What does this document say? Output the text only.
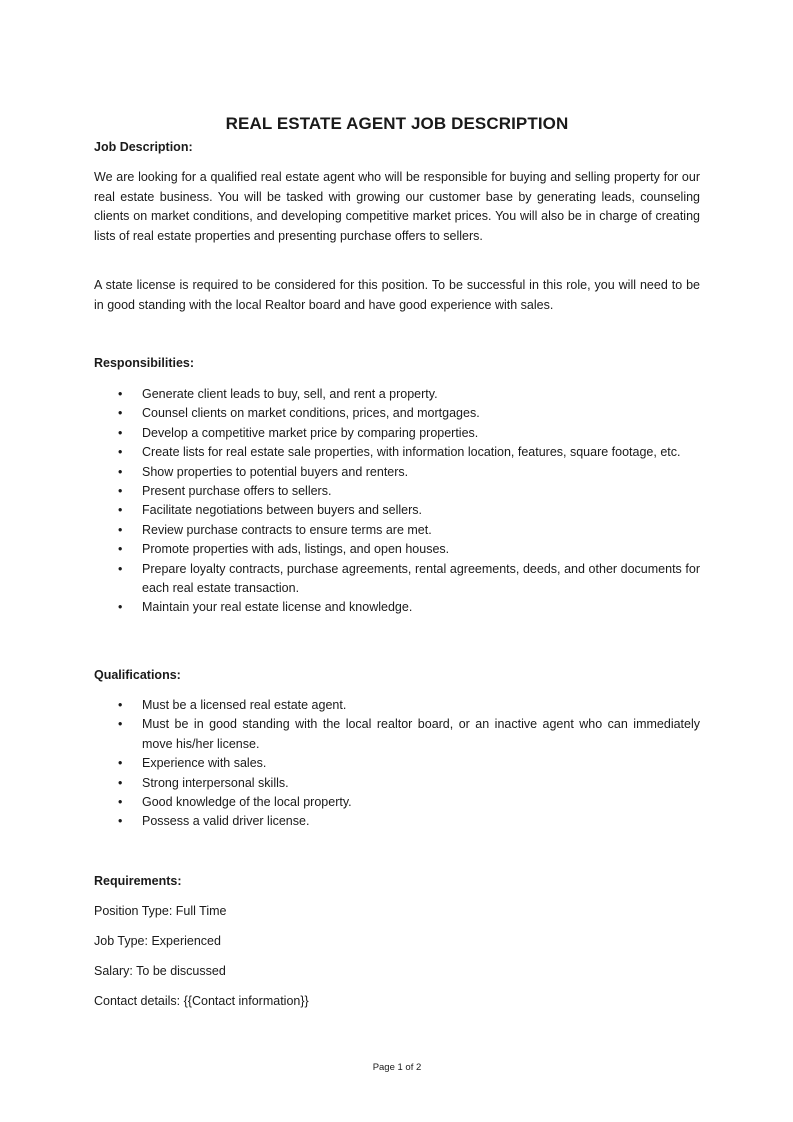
REAL ESTATE AGENT JOB DESCRIPTION
Job Description:
We are looking for a qualified real estate agent who will be responsible for buying and selling property for our real estate business. You will be tasked with growing our customer base by generating leads, counseling clients on market conditions, and developing competitive market prices. You will also be in charge of creating lists of real estate properties and presenting purchase offers to sellers.
A state license is required to be considered for this position. To be successful in this role, you will need to be in good standing with the local Realtor board and have good experience with sales.
Responsibilities:
• Generate client leads to buy, sell, and rent a property.
• Counsel clients on market conditions, prices, and mortgages.
• Develop a competitive market price by comparing properties.
• Create lists for real estate sale properties, with information location, features, square footage, etc.
• Show properties to potential buyers and renters.
• Present purchase offers to sellers.
• Facilitate negotiations between buyers and sellers.
• Review purchase contracts to ensure terms are met.
• Promote properties with ads, listings, and open houses.
• Prepare loyalty contracts, purchase agreements, rental agreements, deeds, and other documents for each real estate transaction.
• Maintain your real estate license and knowledge.
Qualifications:
• Must be a licensed real estate agent.
• Must be in good standing with the local realtor board, or an inactive agent who can immediately move his/her license.
• Experience with sales.
• Strong interpersonal skills.
• Good knowledge of the local property.
• Possess a valid driver license.
Requirements:
Position Type: Full Time
Job Type: Experienced
Salary: To be discussed
Contact details: {{Contact information}}
Page 1 of 2
